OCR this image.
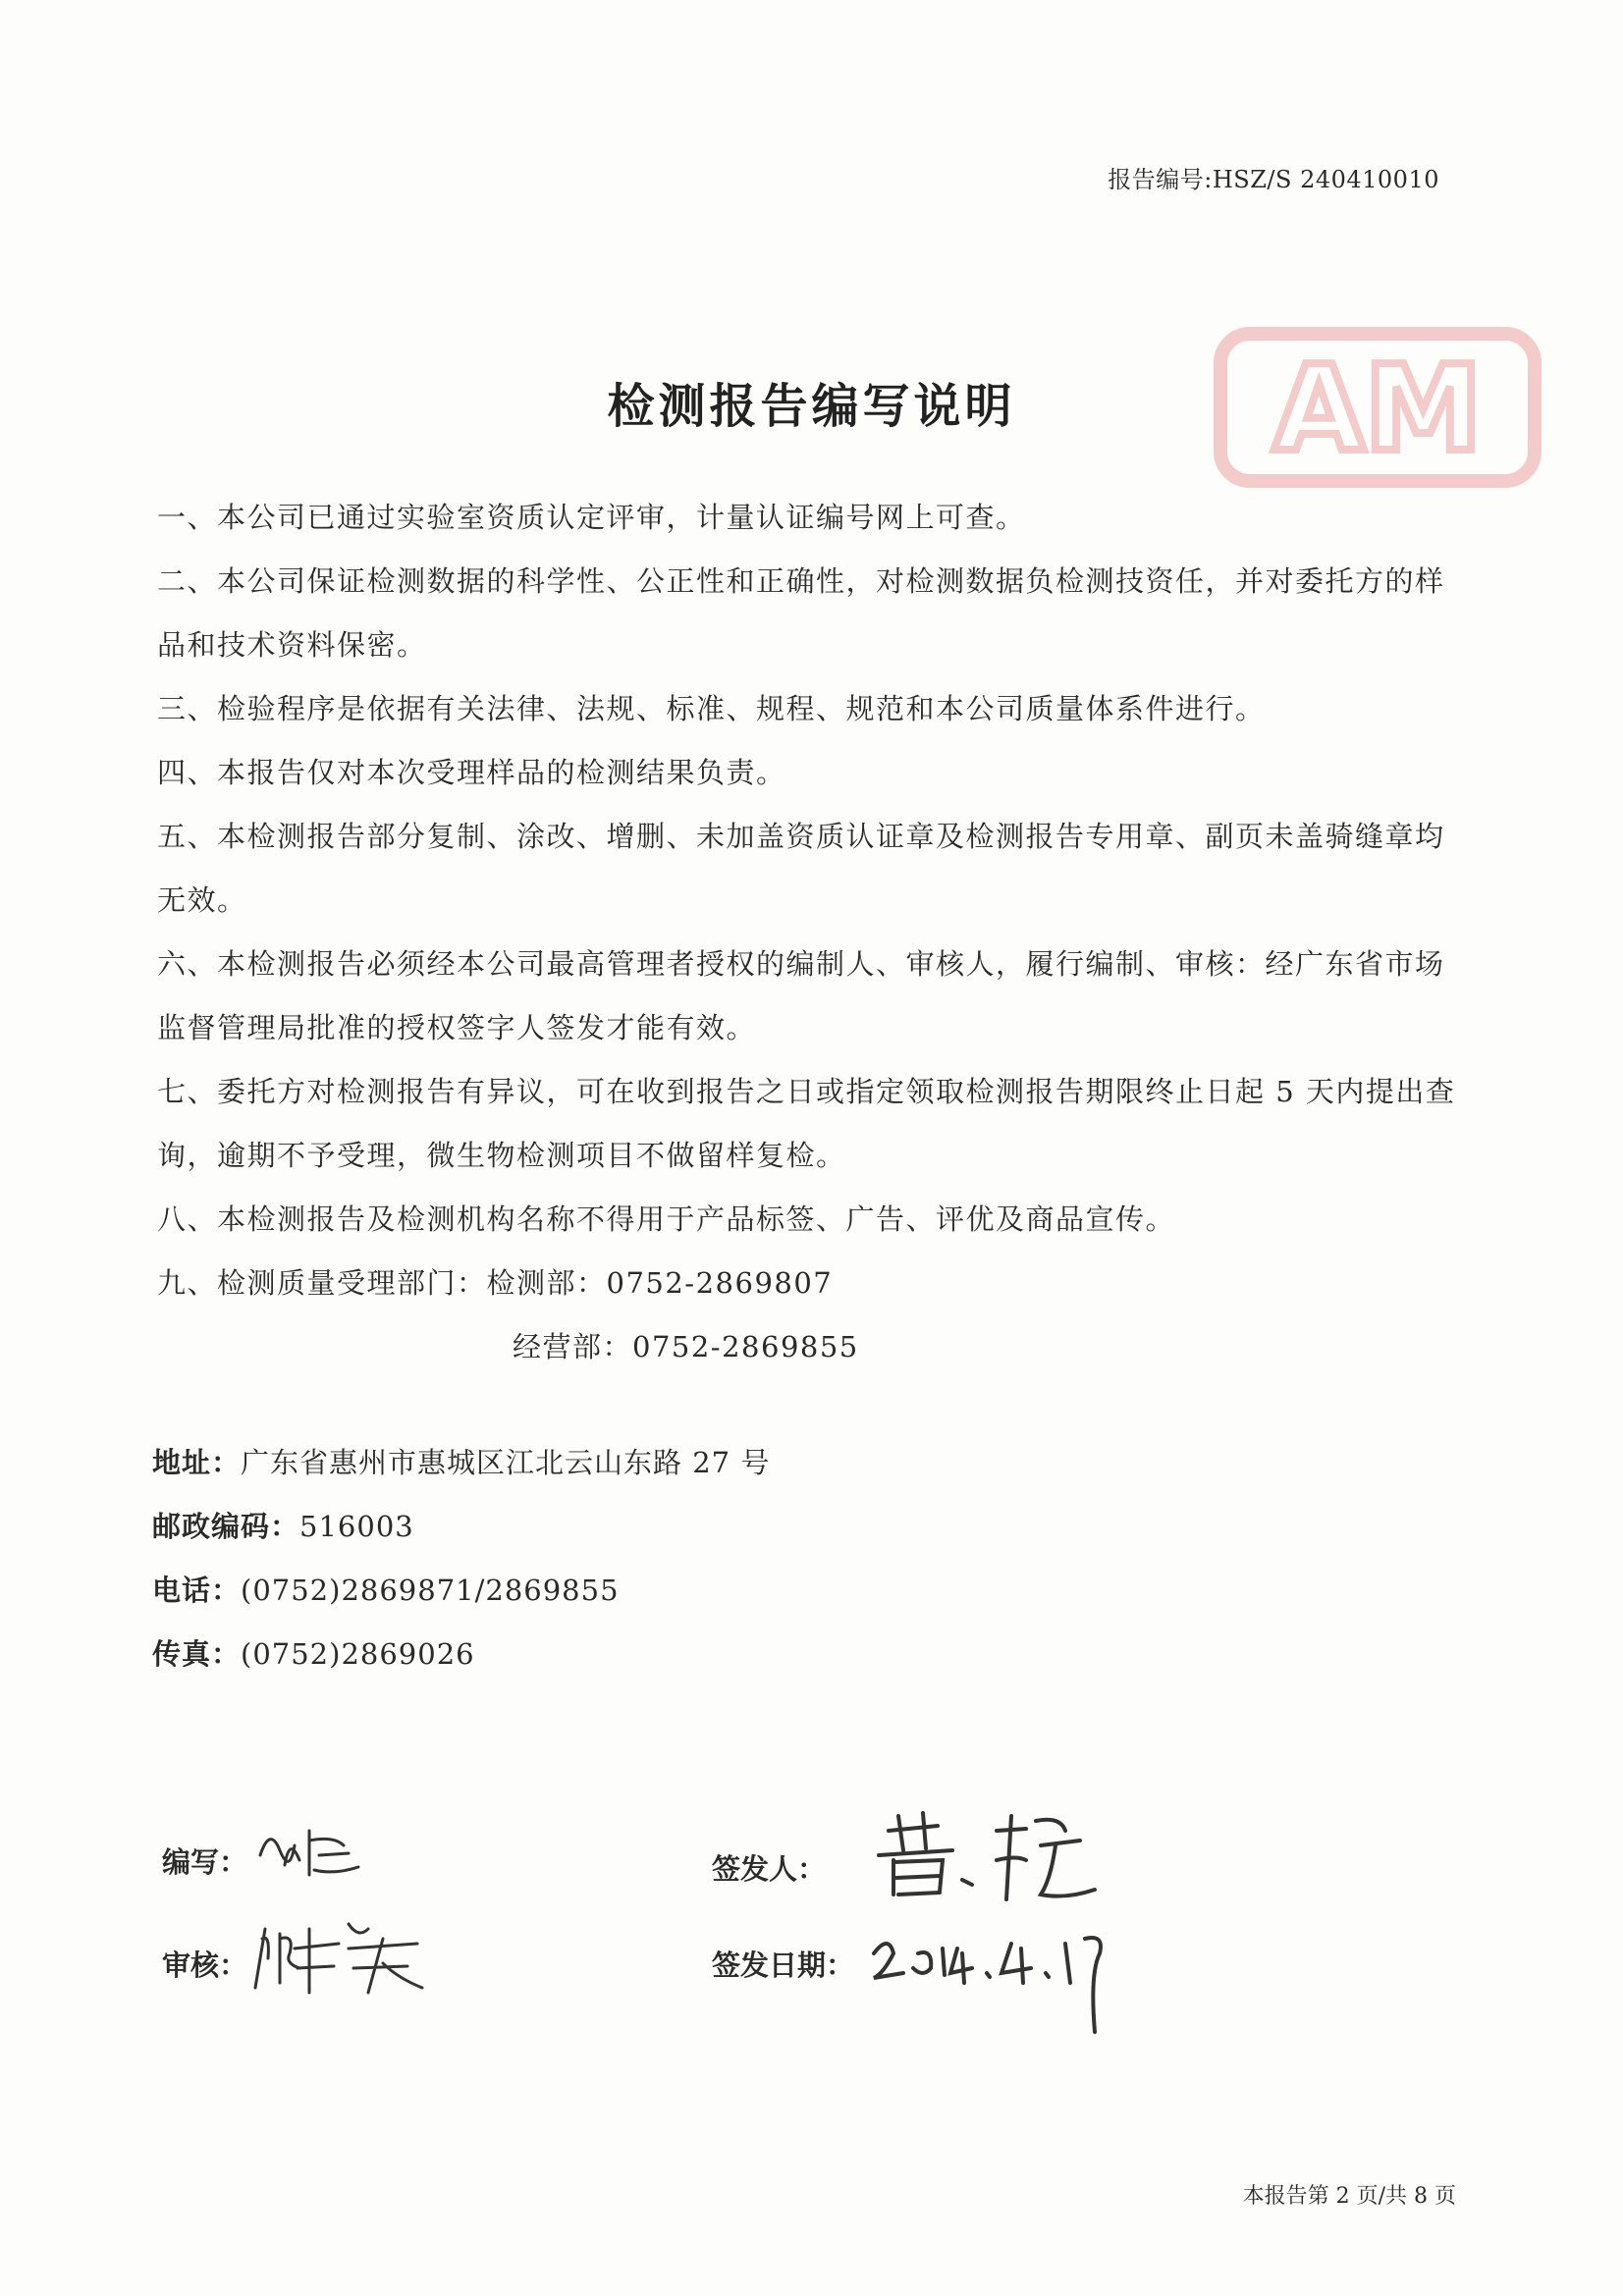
报告编号:HSZ/S 240410010
AM
检测报告编写说明

一、本公司已通过实验室资质认定评审，计量认证编号网上可查。

二、本公司保证检测数据的科学性、公正性和正确性，对检测数据负检测技资任，并对委托方的样品和技术资料保密。

三、检验程序是依据有关法律、法规、标准、规程、规范和本公司质量体系件进行。

四、本报告仅对本次受理样品的检测结果负责。

五、本检测报告部分复制、涂改、增删、未加盖资质认证章及检测报告专用章、副页未盖骑缝章均无效。

六、本检测报告必须经本公司最高管理者授权的编制人、审核人，履行编制、审核：经广东省市场监督管理局批准的授权签字人签发才能有效。

七、委托方对检测报告有异议，可在收到报告之日或指定领取检测报告期限终止日起 5 天内提出查询，逾期不予受理，微生物检测项目不做留样复检。

八、本检测报告及检测机构名称不得用于产品标签、广告、评优及商品宣传。

九、检测质量受理部门：检测部：0752-2869807

经营部：0752-2869855

地址：广东省惠州市惠城区江北云山东路 27 号
邮政编码：516003
电话：(0752)2869871/2869855
传真：(0752)2869026
编写：
审核：
签发人：
签发日期：
本报告第 2 页/共 8 页
